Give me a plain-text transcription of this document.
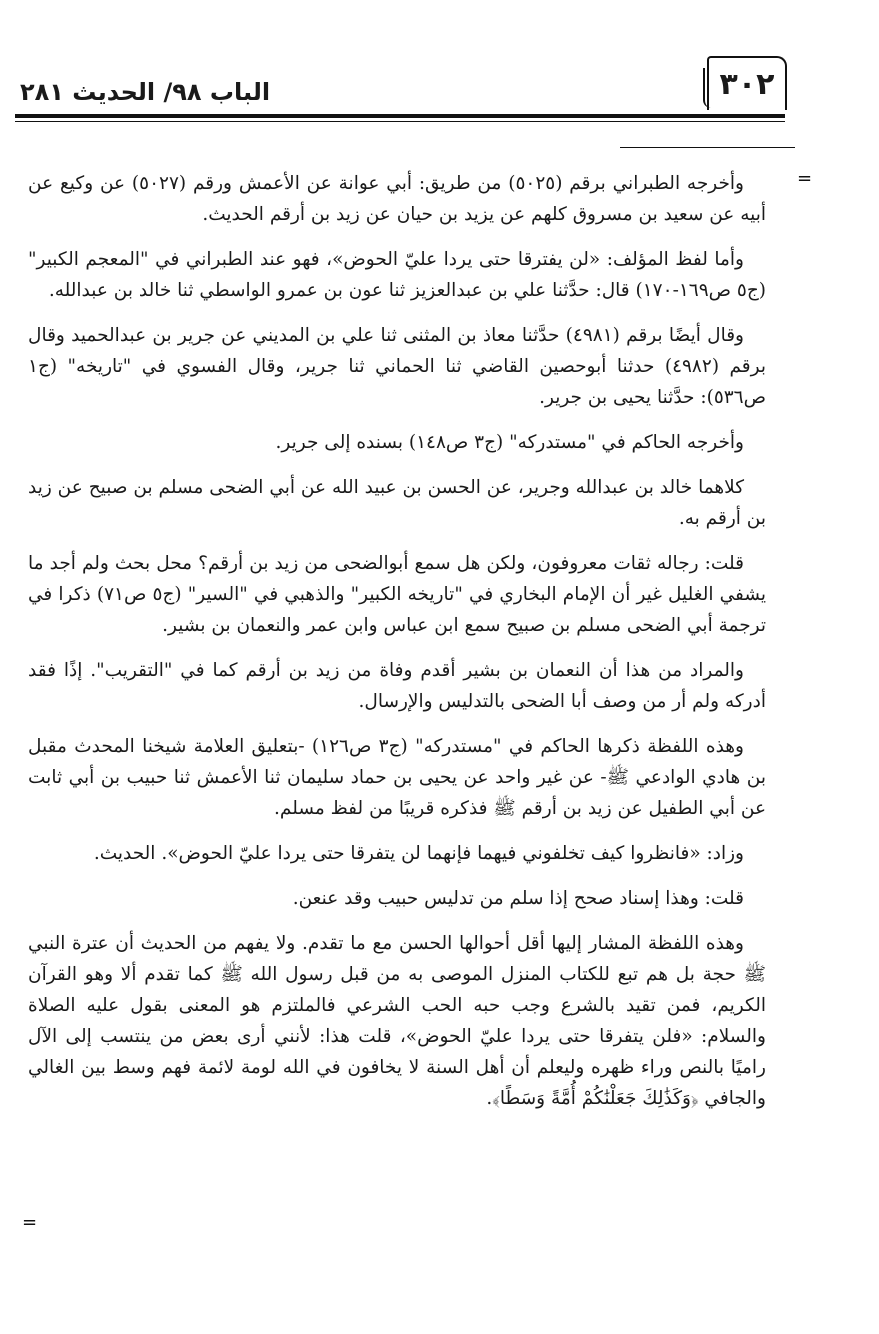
٣٠٢
الباب ٩٨/ الحديث ٢٨١
=
=

وأخرجه الطبراني برقم (٥٠٢٥) من طريق: أبي عوانة عن الأعمش ورقم (٥٠٢٧) عن وكيع عن أبيه عن سعيد بن مسروق كلهم عن يزيد بن حيان عن زيد بن أرقم الحديث.

وأما لفظ المؤلف: «لن يفترقا حتى يردا عليّ الحوض»، فهو عند الطبراني في "المعجم الكبير" (ج٥ ص١٦٩-١٧٠) قال: حدَّثنا علي بن عبدالعزيز ثنا عون بن عمرو الواسطي ثنا خالد بن عبدالله.

وقال أيضًا برقم (٤٩٨١) حدَّثنا معاذ بن المثنى ثنا علي بن المديني عن جرير بن عبدالحميد وقال برقم (٤٩٨٢) حدثنا أبوحصين القاضي ثنا الحماني ثنا جرير، وقال الفسوي في "تاريخه" (ج١ ص٥٣٦): حدَّثنا يحيى بن جرير.

وأخرجه الحاكم في "مستدركه" (ج٣ ص١٤٨) بسنده إلى جرير.

كلاهما خالد بن عبدالله وجرير، عن الحسن بن عبيد الله عن أبي الضحى مسلم بن صبيح عن زيد بن أرقم به.

قلت: رجاله ثقات معروفون، ولكن هل سمع أبوالضحى من زيد بن أرقم؟ محل بحث ولم أجد ما يشفي الغليل غير أن الإمام البخاري في "تاريخه الكبير" والذهبي في "السير" (ج٥ ص٧١) ذكرا في ترجمة أبي الضحى مسلم بن صبيح سمع ابن عباس وابن عمر والنعمان بن بشير.

والمراد من هذا أن النعمان بن بشير أقدم وفاة من زيد بن أرقم كما في "التقريب". إذًا فقد أدركه ولم أر من وصف أبا الضحى بالتدليس والإرسال.

وهذه اللفظة ذكرها الحاكم في "مستدركه" (ج٣ ص١٢٦) -بتعليق العلامة شيخنا المحدث مقبل بن هادي الوادعي ﷺ- عن غير واحد عن يحيى بن حماد سليمان ثنا الأعمش ثنا حبيب بن أبي ثابت عن أبي الطفيل عن زيد بن أرقم ﷺ فذكره قريبًا من لفظ مسلم.

وزاد: «فانظروا كيف تخلفوني فيهما فإنهما لن يتفرقا حتى يردا عليّ الحوض». الحديث.

قلت: وهذا إسناد صحح إذا سلم من تدليس حبيب وقد عنعن.

وهذه اللفظة المشار إليها أقل أحوالها الحسن مع ما تقدم. ولا يفهم من الحديث أن عترة النبي ﷺ حجة بل هم تبع للكتاب المنزل الموصى به من قبل رسول الله ﷺ كما تقدم ألا وهو القرآن الكريم، فمن تقيد بالشرع وجب حبه الحب الشرعي فالملتزم هو المعنى بقول عليه الصلاة والسلام: «فلن يتفرقا حتى يردا عليّ الحوض»، قلت هذا: لأنني أرى بعض من ينتسب إلى الآل راميًا بالنص وراء ظهره وليعلم أن أهل السنة لا يخافون في الله لومة لائمة فهم وسط بين الغالي والجافي ﴿وَكَذَٰلِكَ جَعَلْنَٰكُمْ أُمَّةً وَسَطًا﴾.
